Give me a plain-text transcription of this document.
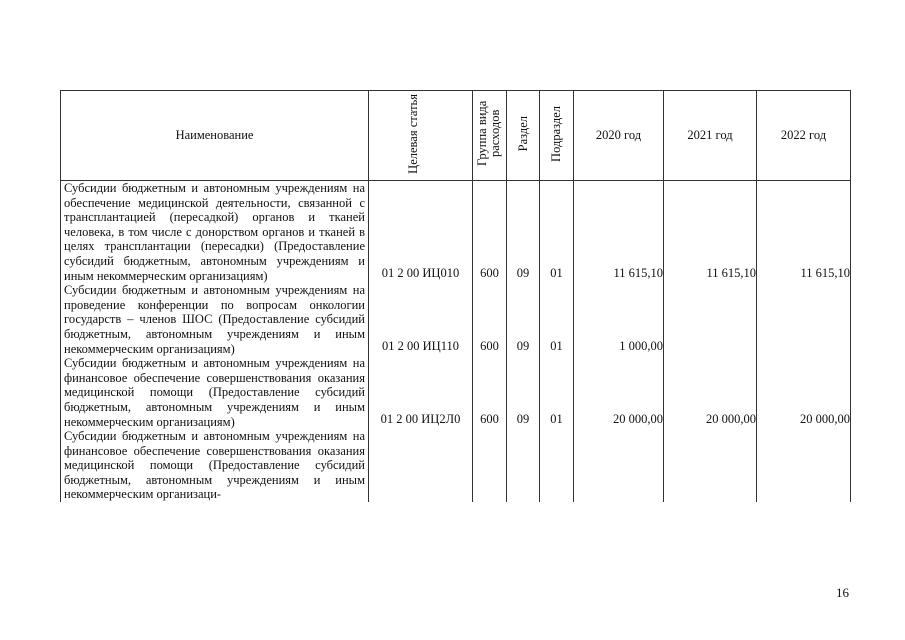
Наименование	Целевая статья	Группа вида расходов	Раздел	Подраздел	2020 год	2021 год	2022 год
Субсидии бюджетным и автономным учреждениям на обеспечение медицинской деятельности, связанной с трансплантацией (пересадкой) органов и тканей человека, в том числе с донорством органов и тканей в целях трансплантации (пересадки) (Предоставление субсидий бюджетным, автономным учреждениям и иным некоммерческим организациям)	01 2 00 ИЦ010	600	09	01	11 615,10	11 615,10	11 615,10
Субсидии бюджетным и автономным учреждениям на проведение конференции по вопросам онкологии государств – членов ШОС (Предоставление субсидий бюджетным, автономным учреждениям и иным некоммерческим организациям)	01 2 00 ИЦ110	600	09	01	1 000,00		
Субсидии бюджетным и автономным учреждениям на финансовое обеспечение совершенствования оказания медицинской помощи (Предоставление субсидий бюджетным, автономным учреждениям и иным некоммерческим организациям)	01 2 00 ИЦ2Л0	600	09	01	20 000,00	20 000,00	20 000,00
Субсидии бюджетным и автономным учреждениям на финансовое обеспечение совершенствования оказания медицинской помощи (Предоставление субсидий бюджетным, автономным учреждениям и иным некоммерческим организаци-							
16
